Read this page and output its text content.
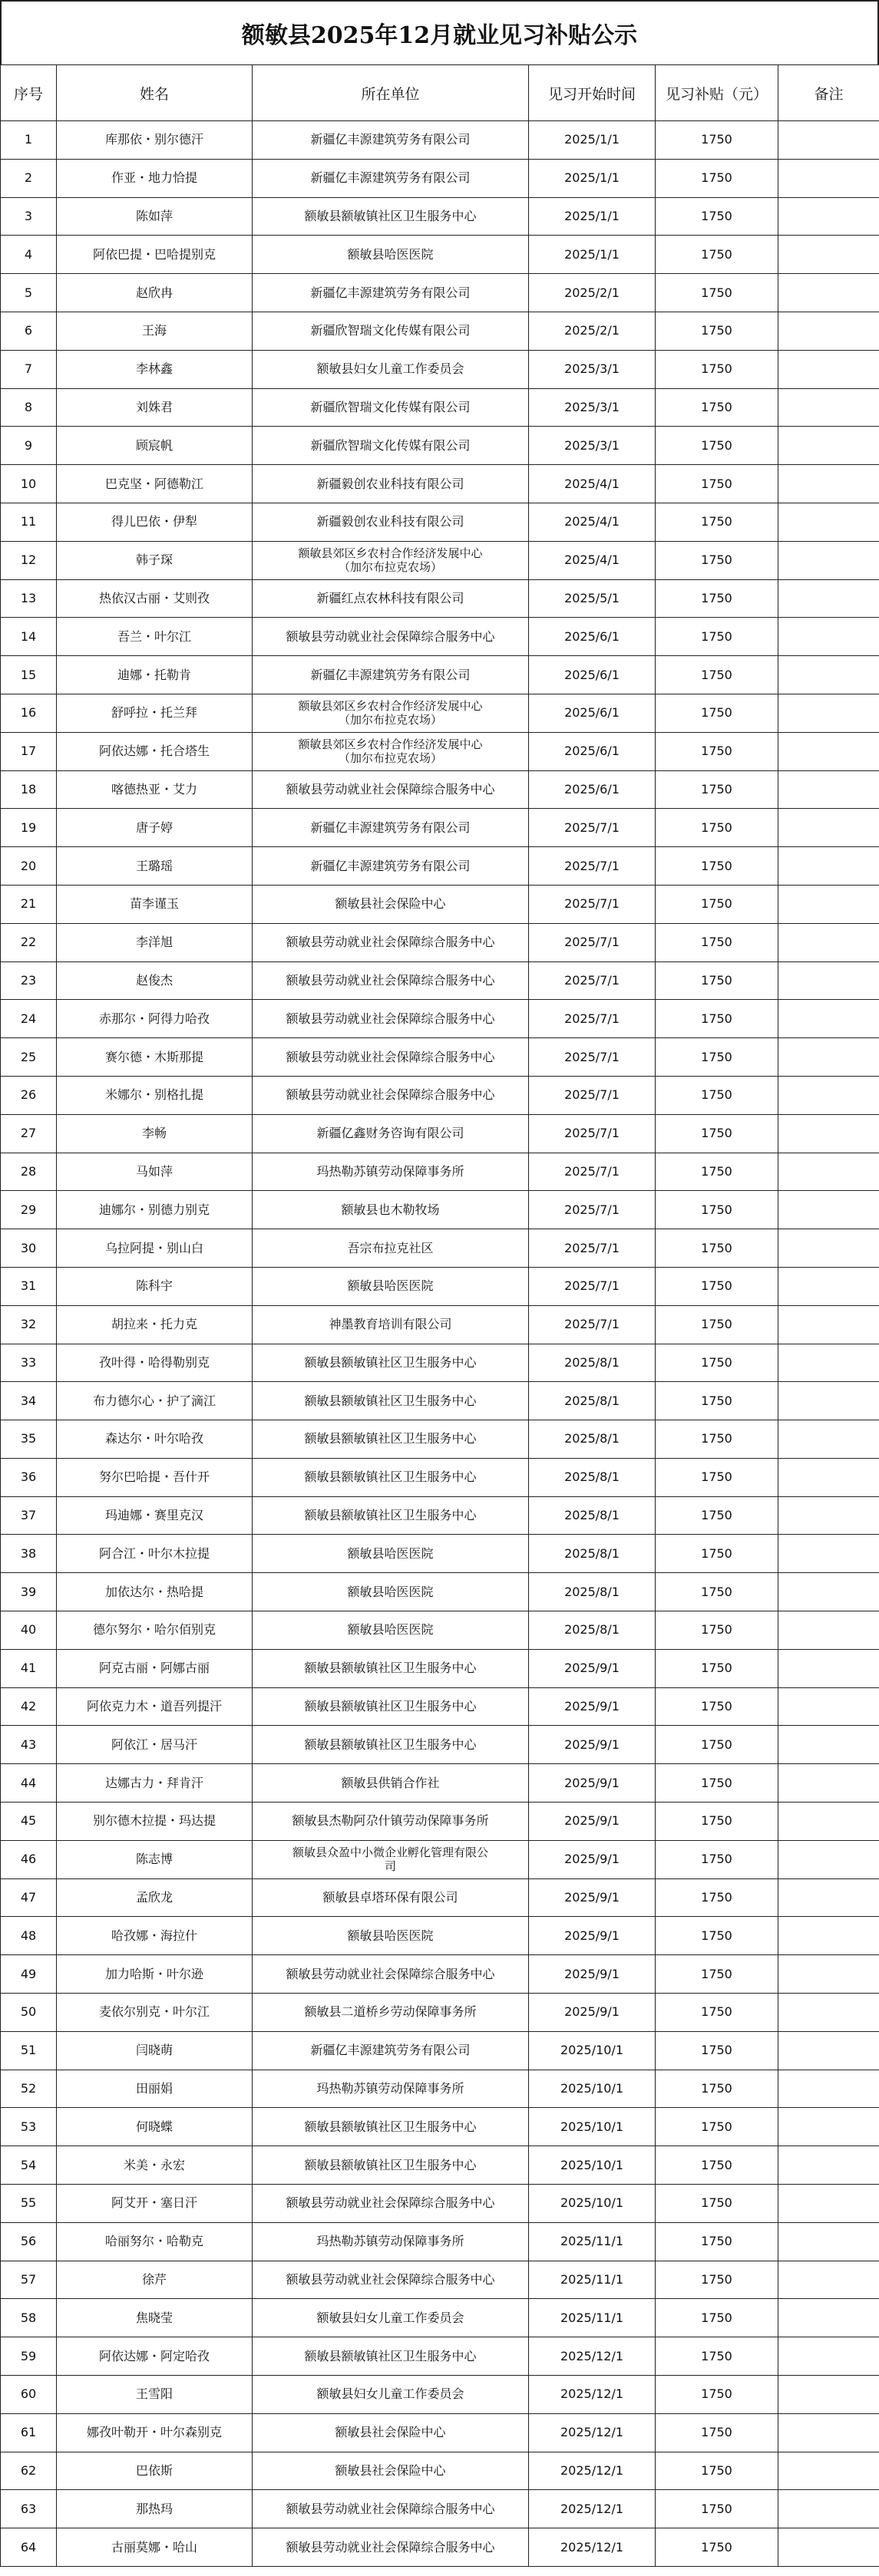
额敏县2025年12月就业见习补贴公示
序号	姓名	所在单位	见习开始时间	见习补贴（元）	备注
1	库那依・别尔德汗	新疆亿丰源建筑劳务有限公司	2025/1/1	1750	
2	作亚・地力恰提	新疆亿丰源建筑劳务有限公司	2025/1/1	1750	
3	陈如萍	额敏县额敏镇社区卫生服务中心	2025/1/1	1750	
4	阿依巴提・巴哈提别克	额敏县哈医医院	2025/1/1	1750	
5	赵欣冉	新疆亿丰源建筑劳务有限公司	2025/2/1	1750	
6	王海	新疆欣智瑞文化传媒有限公司	2025/2/1	1750	
7	李林鑫	额敏县妇女儿童工作委员会	2025/3/1	1750	
8	刘姝君	新疆欣智瑞文化传媒有限公司	2025/3/1	1750	
9	顾宸帆	新疆欣智瑞文化传媒有限公司	2025/3/1	1750	
10	巴克坚・阿德勒江	新疆毅创农业科技有限公司	2025/4/1	1750	
11	得儿巴依・伊犁	新疆毅创农业科技有限公司	2025/4/1	1750	
12	韩子琛	额敏县郊区乡农村合作经济发展中心
（加尔布拉克农场）	2025/4/1	1750	
13	热依汉古丽・艾则孜	新疆红点农林科技有限公司	2025/5/1	1750	
14	吾兰・叶尔江	额敏县劳动就业社会保障综合服务中心	2025/6/1	1750	
15	迪娜・托勒肯	新疆亿丰源建筑劳务有限公司	2025/6/1	1750	
16	舒呼拉・托兰拜	额敏县郊区乡农村合作经济发展中心
（加尔布拉克农场）	2025/6/1	1750	
17	阿依达娜・托合塔生	额敏县郊区乡农村合作经济发展中心
（加尔布拉克农场）	2025/6/1	1750	
18	喀德热亚・艾力	额敏县劳动就业社会保障综合服务中心	2025/6/1	1750	
19	唐子婷	新疆亿丰源建筑劳务有限公司	2025/7/1	1750	
20	王璐瑶	新疆亿丰源建筑劳务有限公司	2025/7/1	1750	
21	苗李谨玉	额敏县社会保险中心	2025/7/1	1750	
22	李洋旭	额敏县劳动就业社会保障综合服务中心	2025/7/1	1750	
23	赵俊杰	额敏县劳动就业社会保障综合服务中心	2025/7/1	1750	
24	赤那尔・阿得力哈孜	额敏县劳动就业社会保障综合服务中心	2025/7/1	1750	
25	赛尔德・木斯那提	额敏县劳动就业社会保障综合服务中心	2025/7/1	1750	
26	米娜尔・别格扎提	额敏县劳动就业社会保障综合服务中心	2025/7/1	1750	
27	李畅	新疆亿鑫财务咨询有限公司	2025/7/1	1750	
28	马如萍	玛热勒苏镇劳动保障事务所	2025/7/1	1750	
29	迪娜尔・别德力别克	额敏县也木勒牧场	2025/7/1	1750	
30	乌拉阿提・别山白	吾宗布拉克社区	2025/7/1	1750	
31	陈科宇	额敏县哈医医院	2025/7/1	1750	
32	胡拉来・托力克	神墨教育培训有限公司	2025/7/1	1750	
33	孜叶得・哈得勒别克	额敏县额敏镇社区卫生服务中心	2025/8/1	1750	
34	布力德尔心・护了滴江	额敏县额敏镇社区卫生服务中心	2025/8/1	1750	
35	森达尔・叶尔哈孜	额敏县额敏镇社区卫生服务中心	2025/8/1	1750	
36	努尔巴哈提・吾什开	额敏县额敏镇社区卫生服务中心	2025/8/1	1750	
37	玛迪娜・赛里克汉	额敏县额敏镇社区卫生服务中心	2025/8/1	1750	
38	阿合江・叶尔木拉提	额敏县哈医医院	2025/8/1	1750	
39	加依达尔・热哈提	额敏县哈医医院	2025/8/1	1750	
40	德尔努尔・哈尔佰别克	额敏县哈医医院	2025/8/1	1750	
41	阿克古丽・阿娜古丽	额敏县额敏镇社区卫生服务中心	2025/9/1	1750	
42	阿依克力木・道吾列提汗	额敏县额敏镇社区卫生服务中心	2025/9/1	1750	
43	阿依江・居马汗	额敏县额敏镇社区卫生服务中心	2025/9/1	1750	
44	达娜古力・拜肯汗	额敏县供销合作社	2025/9/1	1750	
45	别尔德木拉提・玛达提	额敏县杰勒阿尕什镇劳动保障事务所	2025/9/1	1750	
46	陈志博	额敏县众盈中小微企业孵化管理有限公
司	2025/9/1	1750	
47	孟欣龙	额敏县卓塔环保有限公司	2025/9/1	1750	
48	哈孜娜・海拉什	额敏县哈医医院	2025/9/1	1750	
49	加力哈斯・叶尔逊	额敏县劳动就业社会保障综合服务中心	2025/9/1	1750	
50	麦依尔别克・叶尔江	额敏县二道桥乡劳动保障事务所	2025/9/1	1750	
51	闫晓萌	新疆亿丰源建筑劳务有限公司	2025/10/1	1750	
52	田丽娟	玛热勒苏镇劳动保障事务所	2025/10/1	1750	
53	何晓蝶	额敏县额敏镇社区卫生服务中心	2025/10/1	1750	
54	米美・永宏	额敏县额敏镇社区卫生服务中心	2025/10/1	1750	
55	阿艾开・塞日汗	额敏县劳动就业社会保障综合服务中心	2025/10/1	1750	
56	哈丽努尔・哈勒克	玛热勒苏镇劳动保障事务所	2025/11/1	1750	
57	徐芹	额敏县劳动就业社会保障综合服务中心	2025/11/1	1750	
58	焦晓莹	额敏县妇女儿童工作委员会	2025/11/1	1750	
59	阿依达娜・阿定哈孜	额敏县额敏镇社区卫生服务中心	2025/12/1	1750	
60	王雪阳	额敏县妇女儿童工作委员会	2025/12/1	1750	
61	娜孜叶勒开・叶尔森别克	额敏县社会保险中心	2025/12/1	1750	
62	巴依斯	额敏县社会保险中心	2025/12/1	1750	
63	那热玛	额敏县劳动就业社会保障综合服务中心	2025/12/1	1750	
64	古丽莫娜・哈山	额敏县劳动就业社会保障综合服务中心	2025/12/1	1750	
